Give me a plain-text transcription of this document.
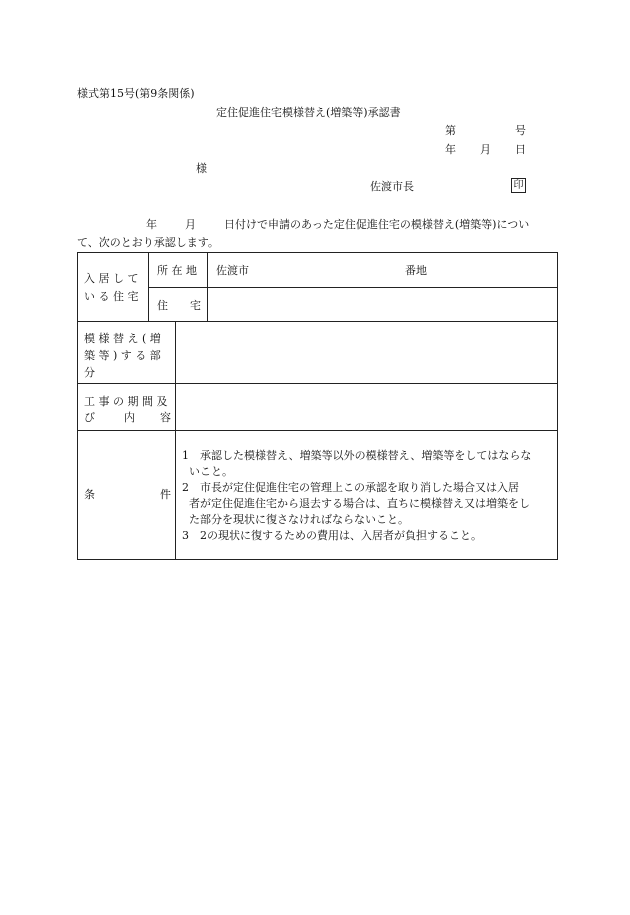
様式第15号(第9条関係)
定住促進住宅模様替え(増築等)承認書
第	号
年 月 日
様
佐渡市長	印
年	月	日付けで申請のあった定住促進住宅の模様替え(増築等)につい
て、次のとおり承認します。
入 居 し て
い る 住 宅
所 在 地 佐渡市	番地
住 宅
模 様 替 え ( 増
築 等 ) す る 部
分
工 事 の 期 間 及
び	内 容
条	件
1　承認した模様替え、増築等以外の模様替え、増築等をしてはならな
いこと。
2　市長が定住促進住宅の管理上この承認を取り消した場合又は入居
者が定住促進住宅から退去する場合は、直ちに模様替え又は増築をし
た部分を現状に復さなければならないこと。
3　2の現状に復するための費用は、入居者が負担すること。
